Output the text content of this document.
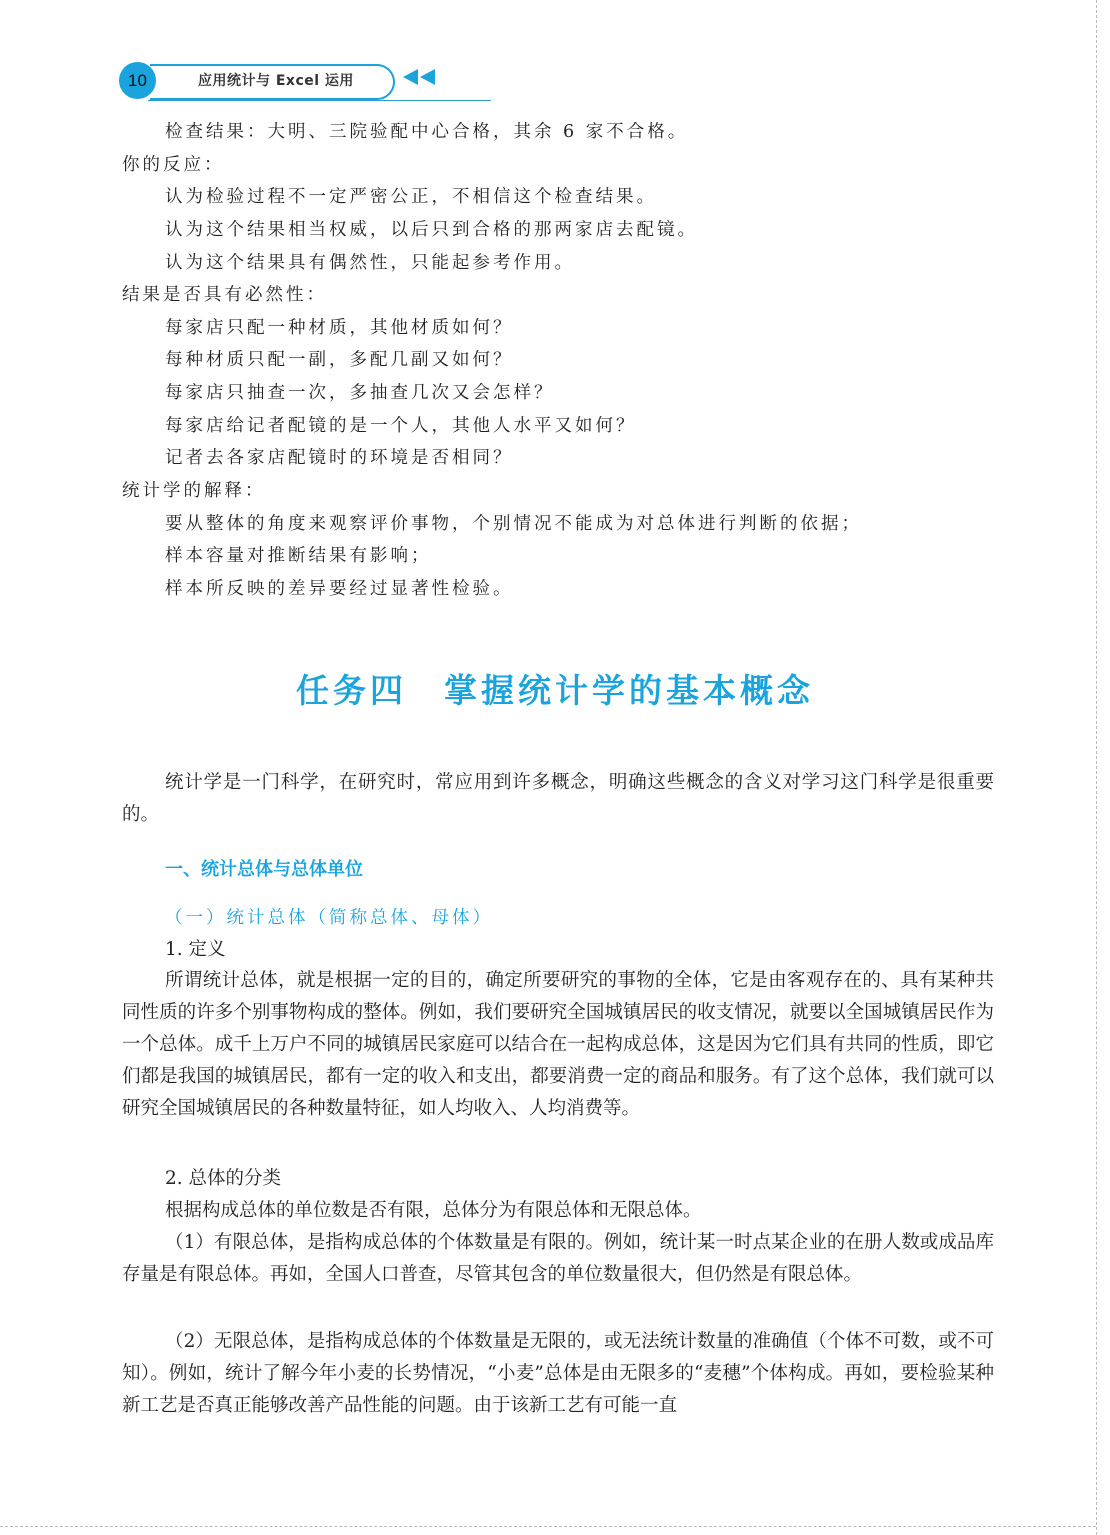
10	应用统计与 Excel 运用
检查结果：大明、三院验配中心合格，其余 6 家不合格。
你的反应：
认为检验过程不一定严密公正，不相信这个检查结果。
认为这个结果相当权威，以后只到合格的那两家店去配镜。
认为这个结果具有偶然性，只能起参考作用。
结果是否具有必然性：
每家店只配一种材质，其他材质如何？
每种材质只配一副，多配几副又如何？
每家店只抽查一次，多抽查几次又会怎样？
每家店给记者配镜的是一个人，其他人水平又如何？
记者去各家店配镜时的环境是否相同？
统计学的解释：
要从整体的角度来观察评价事物，个别情况不能成为对总体进行判断的依据；
样本容量对推断结果有影响；
样本所反映的差异要经过显著性检验。
任务四　掌握统计学的基本概念
统计学是一门科学，在研究时，常应用到许多概念，明确这些概念的含义对学习这门科学是很重要的。
一、统计总体与总体单位
（一）统计总体（简称总体、母体）
1. 定义
所谓统计总体，就是根据一定的目的，确定所要研究的事物的全体，它是由客观存在的、具有某种共同性质的许多个别事物构成的整体。例如，我们要研究全国城镇居民的收支情况，就要以全国城镇居民作为一个总体。成千上万户不同的城镇居民家庭可以结合在一起构成总体，这是因为它们具有共同的性质，即它们都是我国的城镇居民，都有一定的收入和支出，都要消费一定的商品和服务。有了这个总体，我们就可以研究全国城镇居民的各种数量特征，如人均收入、人均消费等。
2. 总体的分类
根据构成总体的单位数是否有限，总体分为有限总体和无限总体。
（1）有限总体，是指构成总体的个体数量是有限的。例如，统计某一时点某企业的在册人数或成品库存量是有限总体。再如，全国人口普查，尽管其包含的单位数量很大，但仍然是有限总体。
（2）无限总体，是指构成总体的个体数量是无限的，或无法统计数量的准确值（个体不可数，或不可知）。例如，统计了解今年小麦的长势情况，“小麦”总体是由无限多的“麦穗”个体构成。再如，要检验某种新工艺是否真正能够改善产品性能的问题。由于该新工艺有可能一直
